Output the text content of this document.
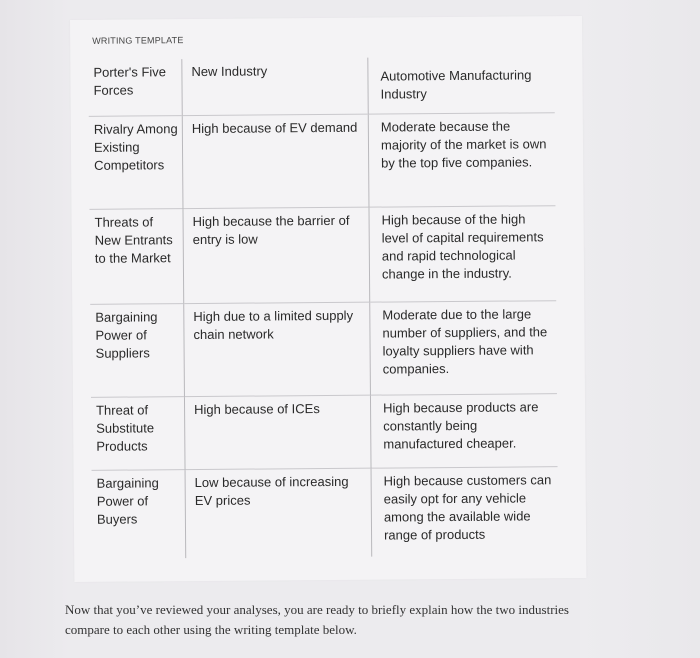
WRITING TEMPLATE
Porter's Five Forces	New Industry	Automotive Manufacturing Industry

Rivalry Among Existing Competitors	High because of EV demand	Moderate because the majority of the market is own by the top five companies.
Threats of New Entrants to the Market	High because the barrier of entry is low	High because of the high level of capital requirements and rapid technological change in the industry.
Bargaining Power of Suppliers	High due to a limited supply chain network	Moderate due to the large number of suppliers, and the loyalty suppliers have with companies.
Threat of Substitute Products	High because of ICEs	High because products are constantly being manufactured cheaper.
Bargaining Power of Buyers	Low because of increasing EV prices	High because customers can easily opt for any vehicle among the available wide range of products
Now that you’ve reviewed your analyses, you are ready to briefly explain how the two industries compare to each other using the writing template below.
